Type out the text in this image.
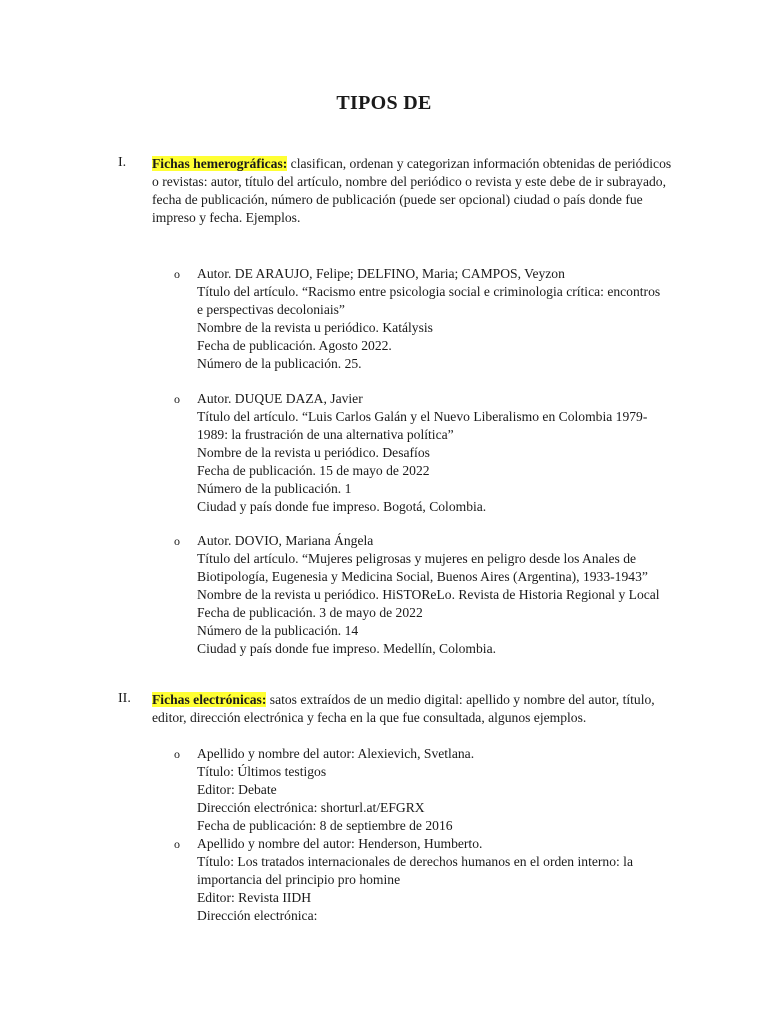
TIPOS DE
I. Fichas hemerográficas: clasifican, ordenan y categorizan información obtenidas de periódicos o revistas: autor, título del artículo, nombre del periódico o revista y este debe de ir subrayado, fecha de publicación, número de publicación (puede ser opcional) ciudad o país donde fue impreso y fecha. Ejemplos.
o Autor. DE ARAUJO, Felipe; DELFINO, Maria; CAMPOS, Veyzon
Título del artículo. “Racismo entre psicologia social e criminologia crítica: encontros e perspectivas decoloniais”
Nombre de la revista u periódico. Katálysis
Fecha de publicación. Agosto 2022.
Número de la publicación. 25.
o Autor. DUQUE DAZA, Javier
Título del artículo. “Luis Carlos Galán y el Nuevo Liberalismo en Colombia 1979-1989: la frustración de una alternativa política”
Nombre de la revista u periódico. Desafíos
Fecha de publicación. 15 de mayo de 2022
Número de la publicación. 1
Ciudad y país donde fue impreso. Bogotá, Colombia.
o Autor. DOVIO, Mariana Ángela
Título del artículo. “Mujeres peligrosas y mujeres en peligro desde los Anales de Biotipología, Eugenesia y Medicina Social, Buenos Aires (Argentina), 1933-1943”
Nombre de la revista u periódico. HiSTOReLo. Revista de Historia Regional y Local
Fecha de publicación. 3 de mayo de 2022
Número de la publicación. 14
Ciudad y país donde fue impreso. Medellín, Colombia.
II. Fichas electrónicas: satos extraídos de un medio digital: apellido y nombre del autor, título, editor, dirección electrónica y fecha en la que fue consultada, algunos ejemplos.
o Apellido y nombre del autor: Alexievich, Svetlana.
Título: Últimos testigos
Editor: Debate
Dirección electrónica: shorturl.at/EFGRX
Fecha de publicación: 8 de septiembre de 2016
o Apellido y nombre del autor: Henderson, Humberto.
Título: Los tratados internacionales de derechos humanos en el orden interno: la importancia del principio pro homine
Editor: Revista IIDH
Dirección electrónica:
